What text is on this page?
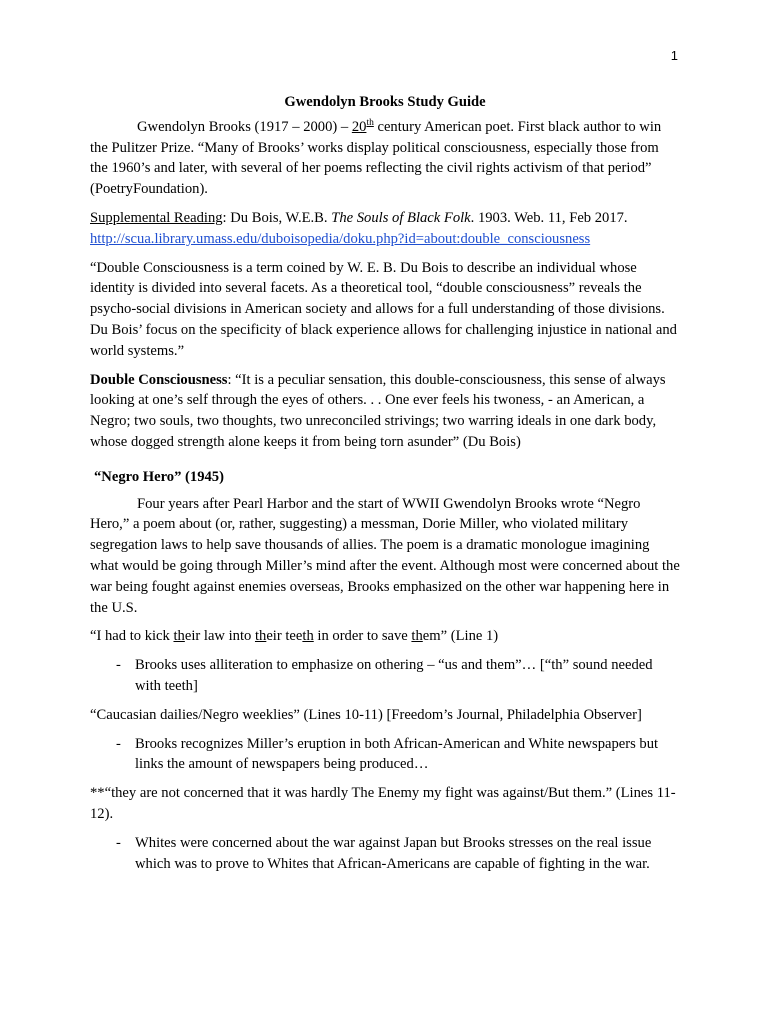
1
Gwendolyn Brooks Study Guide

Gwendolyn Brooks (1917 – 2000) – 20th century American poet. First black author to win the Pulitzer Prize. “Many of Brooks’ works display political consciousness, especially those from the 1960’s and later, with several of her poems reflecting the civil rights activism of that period” (PoetryFoundation).

Supplemental Reading: Du Bois, W.E.B. The Souls of Black Folk. 1903. Web. 11, Feb 2017.
http://scua.library.umass.edu/duboisopedia/doku.php?id=about:double_consciousness

“Double Consciousness is a term coined by W. E. B. Du Bois to describe an individual whose identity is divided into several facets. As a theoretical tool, “double consciousness” reveals the psycho-social divisions in American society and allows for a full understanding of those divisions. Du Bois’ focus on the specificity of black experience allows for challenging injustice in national and world systems.”

Double Consciousness: “It is a peculiar sensation, this double-consciousness, this sense of always looking at one’s self through the eyes of others. . . One ever feels his twoness, - an American, a Negro; two souls, two thoughts, two unreconciled strivings; two warring ideals in one dark body, whose dogged strength alone keeps it from being torn asunder” (Du Bois)

“Negro Hero” (1945)

Four years after Pearl Harbor and the start of WWII Gwendolyn Brooks wrote “Negro Hero,” a poem about (or, rather, suggesting) a messman, Dorie Miller, who violated military segregation laws to help save thousands of allies. The poem is a dramatic monologue imagining what would be going through Miller’s mind after the event. Although most were concerned about the war being fought against enemies overseas, Brooks emphasized on the other war happening here in the U.S.

“I had to kick their law into their teeth in order to save them” (Line 1)

- Brooks uses alliteration to emphasize on othering – “us and them”… [“th” sound needed with teeth]

“Caucasian dailies/Negro weeklies” (Lines 10-11) [Freedom’s Journal, Philadelphia Observer]

- Brooks recognizes Miller’s eruption in both African-American and White newspapers but links the amount of newspapers being produced…

**“they are not concerned that it was hardly The Enemy my fight was against/But them.” (Lines 11-12).

- Whites were concerned about the war against Japan but Brooks stresses on the real issue which was to prove to Whites that African-Americans are capable of fighting in the war.
